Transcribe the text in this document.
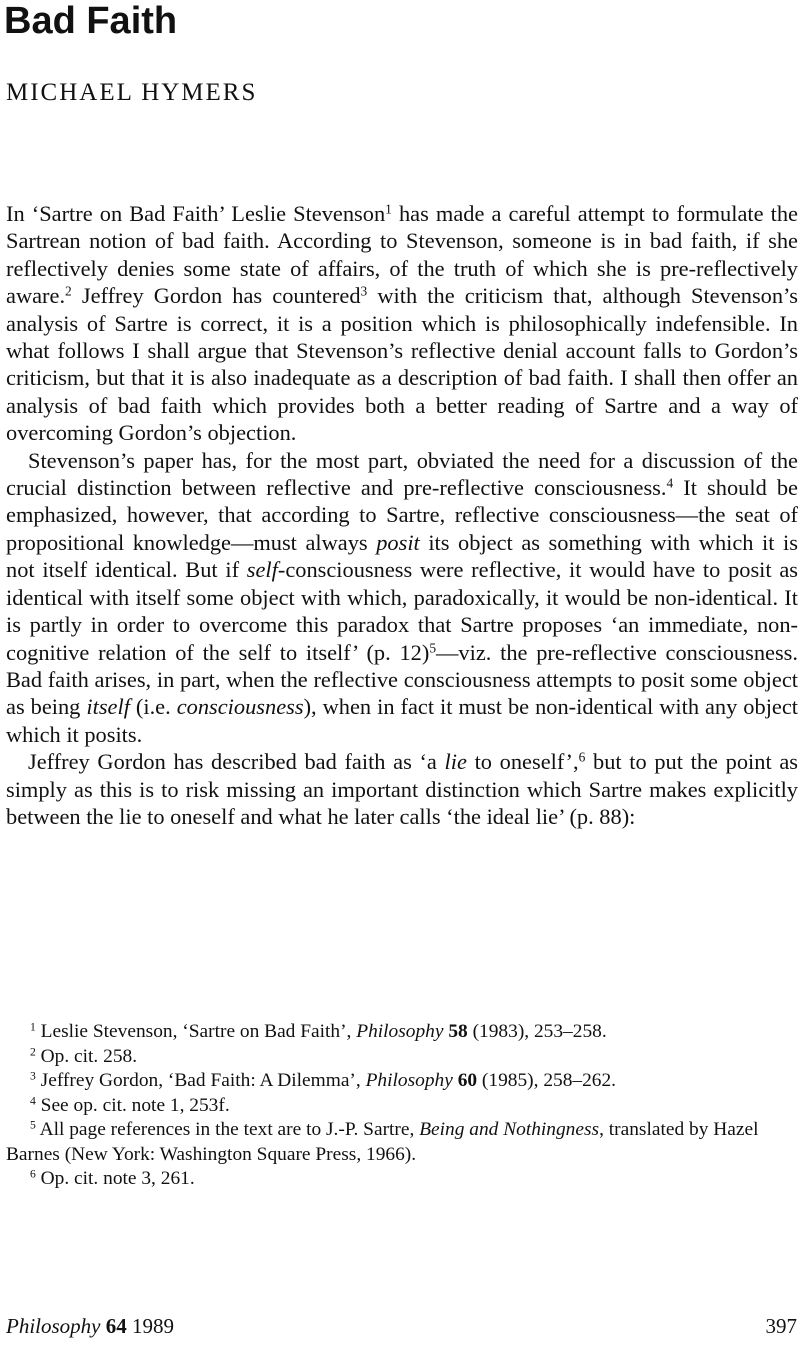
Bad Faith
MICHAEL HYMERS

In ‘Sartre on Bad Faith’ Leslie Stevenson$^1$ has made a careful attempt to formulate the Sartrean notion of bad faith. According to Stevenson, someone is in bad faith, if she reflectively denies some state of affairs, of the truth of which she is pre-reflectively aware.$^2$ Jeffrey Gordon has countered$^3$ with the criticism that, although Stevenson’s analysis of Sartre is correct, it is a position which is philosophically indefensible. In what follows I shall argue that Stevenson’s reflective denial account falls to Gordon’s criticism, but that it is also inadequate as a description of bad faith. I shall then offer an analysis of bad faith which provides both a better reading of Sartre and a way of overcoming Gordon’s objection.

Stevenson’s paper has, for the most part, obviated the need for a discussion of the crucial distinction between reflective and pre-reflective consciousness.$^4$ It should be emphasized, however, that according to Sartre, reflective consciousness—the seat of propositional knowledge—must always posit its object as something with which it is not itself identical. But if self-consciousness were reflective, it would have to posit as identical with itself some object with which, paradoxically, it would be non-identical. It is partly in order to overcome this paradox that Sartre proposes ‘an immediate, non-cognitive relation of the self to itself’ (p. 12)$^5$—viz. the pre-reflective consciousness. Bad faith arises, in part, when the reflective consciousness attempts to posit some object as being itself (i.e. consciousness), when in fact it must be non-identical with any object which it posits.

Jeffrey Gordon has described bad faith as ‘a lie to oneself’,$^6$ but to put the point as simply as this is to risk missing an important distinction which Sartre makes explicitly between the lie to oneself and what he later calls ‘the ideal lie’ (p. 88):

$^1$ Leslie Stevenson, ‘Sartre on Bad Faith’, Philosophy 58 (1983), 253–258.

$^2$ Op. cit. 258.

$^3$ Jeffrey Gordon, ‘Bad Faith: A Dilemma’, Philosophy 60 (1985), 258–262.

$^4$ See op. cit. note 1, 253f.

$^5$ All page references in the text are to J.-P. Sartre, Being and Nothingness, translated by Hazel Barnes (New York: Washington Square Press, 1966).

$^6$ Op. cit. note 3, 261.

Philosophy 64 1989	397
